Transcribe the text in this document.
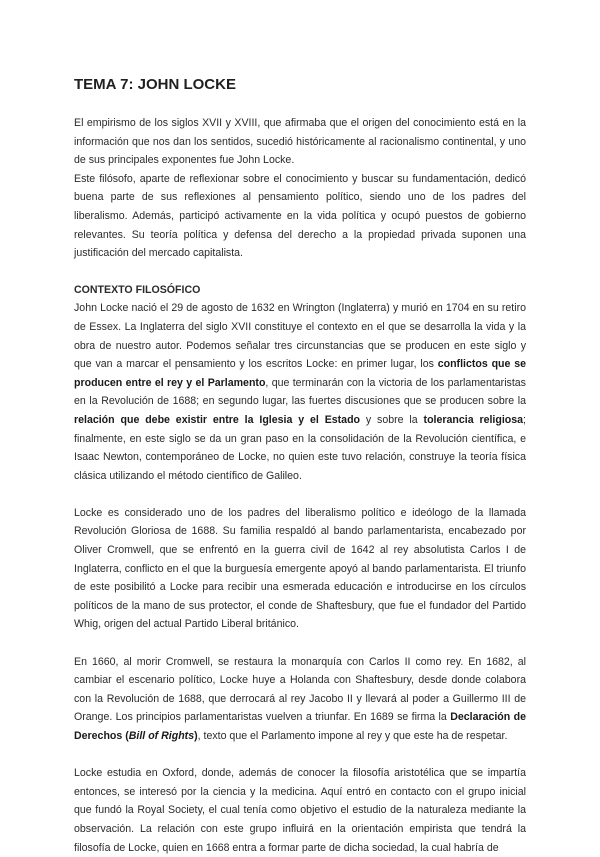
TEMA 7: JOHN LOCKE

El empirismo de los siglos XVII y XVIII, que afirmaba que el origen del conocimiento está en la información que nos dan los sentidos, sucedió históricamente al racionalismo continental, y uno de sus principales exponentes fue John Locke.

Este filósofo, aparte de reflexionar sobre el conocimiento y buscar su fundamentación, dedicó buena parte de sus reflexiones al pensamiento político, siendo uno de los padres del liberalismo. Además, participó activamente en la vida política y ocupó puestos de gobierno relevantes. Su teoría política y defensa del derecho a la propiedad privada suponen una justificación del mercado capitalista.

CONTEXTO FILOSÓFICO

John Locke nació el 29 de agosto de 1632 en Wrington (Inglaterra) y murió en 1704 en su retiro de Essex. La Inglaterra del siglo XVII constituye el contexto en el que se desarrolla la vida y la obra de nuestro autor. Podemos señalar tres circunstancias que se producen en este siglo y que van a marcar el pensamiento y los escritos Locke: en primer lugar, los conflictos que se producen entre el rey y el Parlamento, que terminarán con la victoria de los parlamentaristas en la Revolución de 1688; en segundo lugar, las fuertes discusiones que se producen sobre la relación que debe existir entre la Iglesia y el Estado y sobre la tolerancia religiosa; finalmente, en este siglo se da un gran paso en la consolidación de la Revolución científica, e Isaac Newton, contemporáneo de Locke, no quien este tuvo relación, construye la teoría física clásica utilizando el método científico de Galileo.

Locke es considerado uno de los padres del liberalismo político e ideólogo de la llamada Revolución Gloriosa de 1688. Su familia respaldó al bando parlamentarista, encabezado por Oliver Cromwell, que se enfrentó en la guerra civil de 1642 al rey absolutista Carlos I de Inglaterra, conflicto en el que la burguesía emergente apoyó al bando parlamentarista. El triunfo de este posibilitó a Locke para recibir una esmerada educación e introducirse en los círculos políticos de la mano de sus protector, el conde de Shaftesbury, que fue el fundador del Partido Whig, origen del actual Partido Liberal británico.

En 1660, al morir Cromwell, se restaura la monarquía con Carlos II como rey. En 1682, al cambiar el escenario político, Locke huye a Holanda con Shaftesbury, desde donde colabora con la Revolución de 1688, que derrocará al rey Jacobo II y llevará al poder a Guillermo III de Orange. Los principios parlamentaristas vuelven a triunfar. En 1689 se firma la Declaración de Derechos (Bill of Rights), texto que el Parlamento impone al rey y que este ha de respetar.

Locke estudia en Oxford, donde, además de conocer la filosofía aristotélica que se impartía entonces, se interesó por la ciencia y la medicina. Aquí entró en contacto con el grupo inicial que fundó la Royal Society, el cual tenía como objetivo el estudio de la naturaleza mediante la observación. La relación con este grupo influirá en la orientación empirista que tendrá la filosofía de Locke, quien en 1668 entra a formar parte de dicha sociedad, la cual habría de
